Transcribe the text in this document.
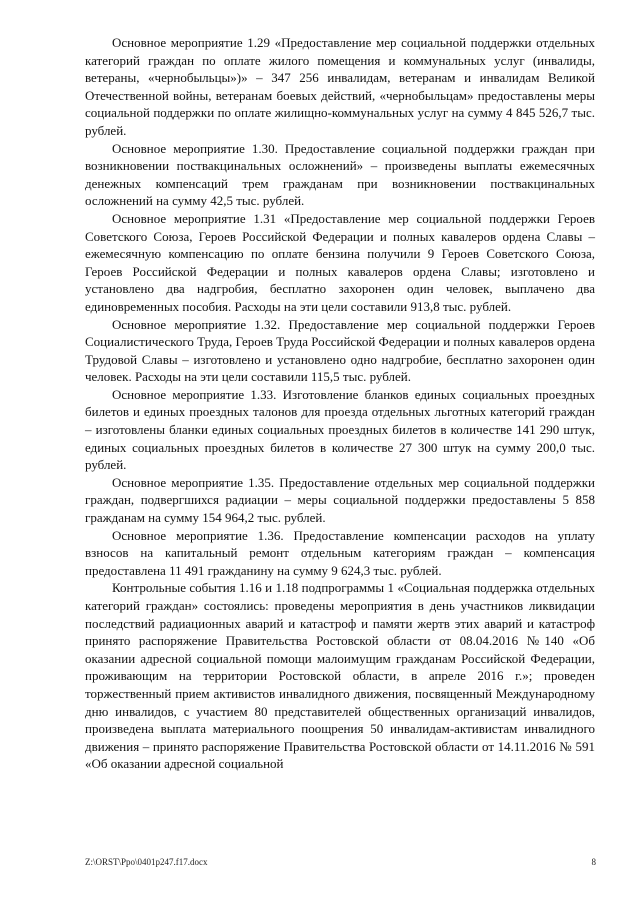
Основное мероприятие 1.29 «Предоставление мер социальной поддержки отдельных категорий граждан по оплате жилого помещения и коммунальных услуг (инвалиды, ветераны, «чернобыльцы»)» – 347 256 инвалидам, ветеранам и инвалидам Великой Отечественной войны, ветеранам боевых действий, «чернобыльцам» предоставлены меры социальной поддержки по оплате жилищно-коммунальных услуг на сумму 4 845 526,7 тыс. рублей.

Основное мероприятие 1.30. Предоставление социальной поддержки граждан при возникновении поствакцинальных осложнений» – произведены выплаты ежемесячных денежных компенсаций трем гражданам при возникновении поствакцинальных осложнений на сумму 42,5 тыс. рублей.

Основное мероприятие 1.31 «Предоставление мер социальной поддержки Героев Советского Союза, Героев Российской Федерации и полных кавалеров ордена Славы – ежемесячную компенсацию по оплате бензина получили 9 Героев Советского Союза, Героев Российской Федерации и полных кавалеров ордена Славы; изготовлено и установлено два надгробия, бесплатно захоронен один человек, выплачено два единовременных пособия. Расходы на эти цели составили 913,8 тыс. рублей.

Основное мероприятие 1.32. Предоставление мер социальной поддержки Героев Социалистического Труда, Героев Труда Российской Федерации и полных кавалеров ордена Трудовой Славы – изготовлено и установлено одно надгробие, бесплатно захоронен один человек. Расходы на эти цели составили 115,5 тыс. рублей.

Основное мероприятие 1.33. Изготовление бланков единых социальных проездных билетов и единых проездных талонов для проезда отдельных льготных категорий граждан – изготовлены бланки единых социальных проездных билетов в количестве 141 290 штук, единых социальных проездных билетов в количестве 27 300 штук на сумму 200,0 тыс. рублей.

Основное мероприятие 1.35. Предоставление отдельных мер социальной поддержки граждан, подвергшихся радиации – меры социальной поддержки предоставлены 5 858 гражданам на сумму 154 964,2 тыс. рублей.

Основное мероприятие 1.36. Предоставление компенсации расходов на уплату взносов на капитальный ремонт отдельным категориям граждан – компенсация предоставлена 11 491 гражданину на сумму 9 624,3 тыс. рублей.

Контрольные события 1.16 и 1.18 подпрограммы 1 «Социальная поддержка отдельных категорий граждан» состоялись: проведены мероприятия в день участников ликвидации последствий радиационных аварий и катастроф и памяти жертв этих аварий и катастроф принято распоряжение Правительства Ростовской области от 08.04.2016 №140 «Об оказании адресной социальной помощи малоимущим гражданам Российской Федерации, проживающим на территории Ростовской области, в апреле 2016 г.»; проведен торжественный прием активистов инвалидного движения, посвященный Международному дню инвалидов, с участием 80 представителей общественных организаций инвалидов, произведена выплата материального поощрения 50 инвалидам-активистам инвалидного движения – принято распоряжение Правительства Ростовской области от 14.11.2016 № 591 «Об оказании адресной социальной

Z:\ORST\Ppo\0401p247.f17.docx	8
